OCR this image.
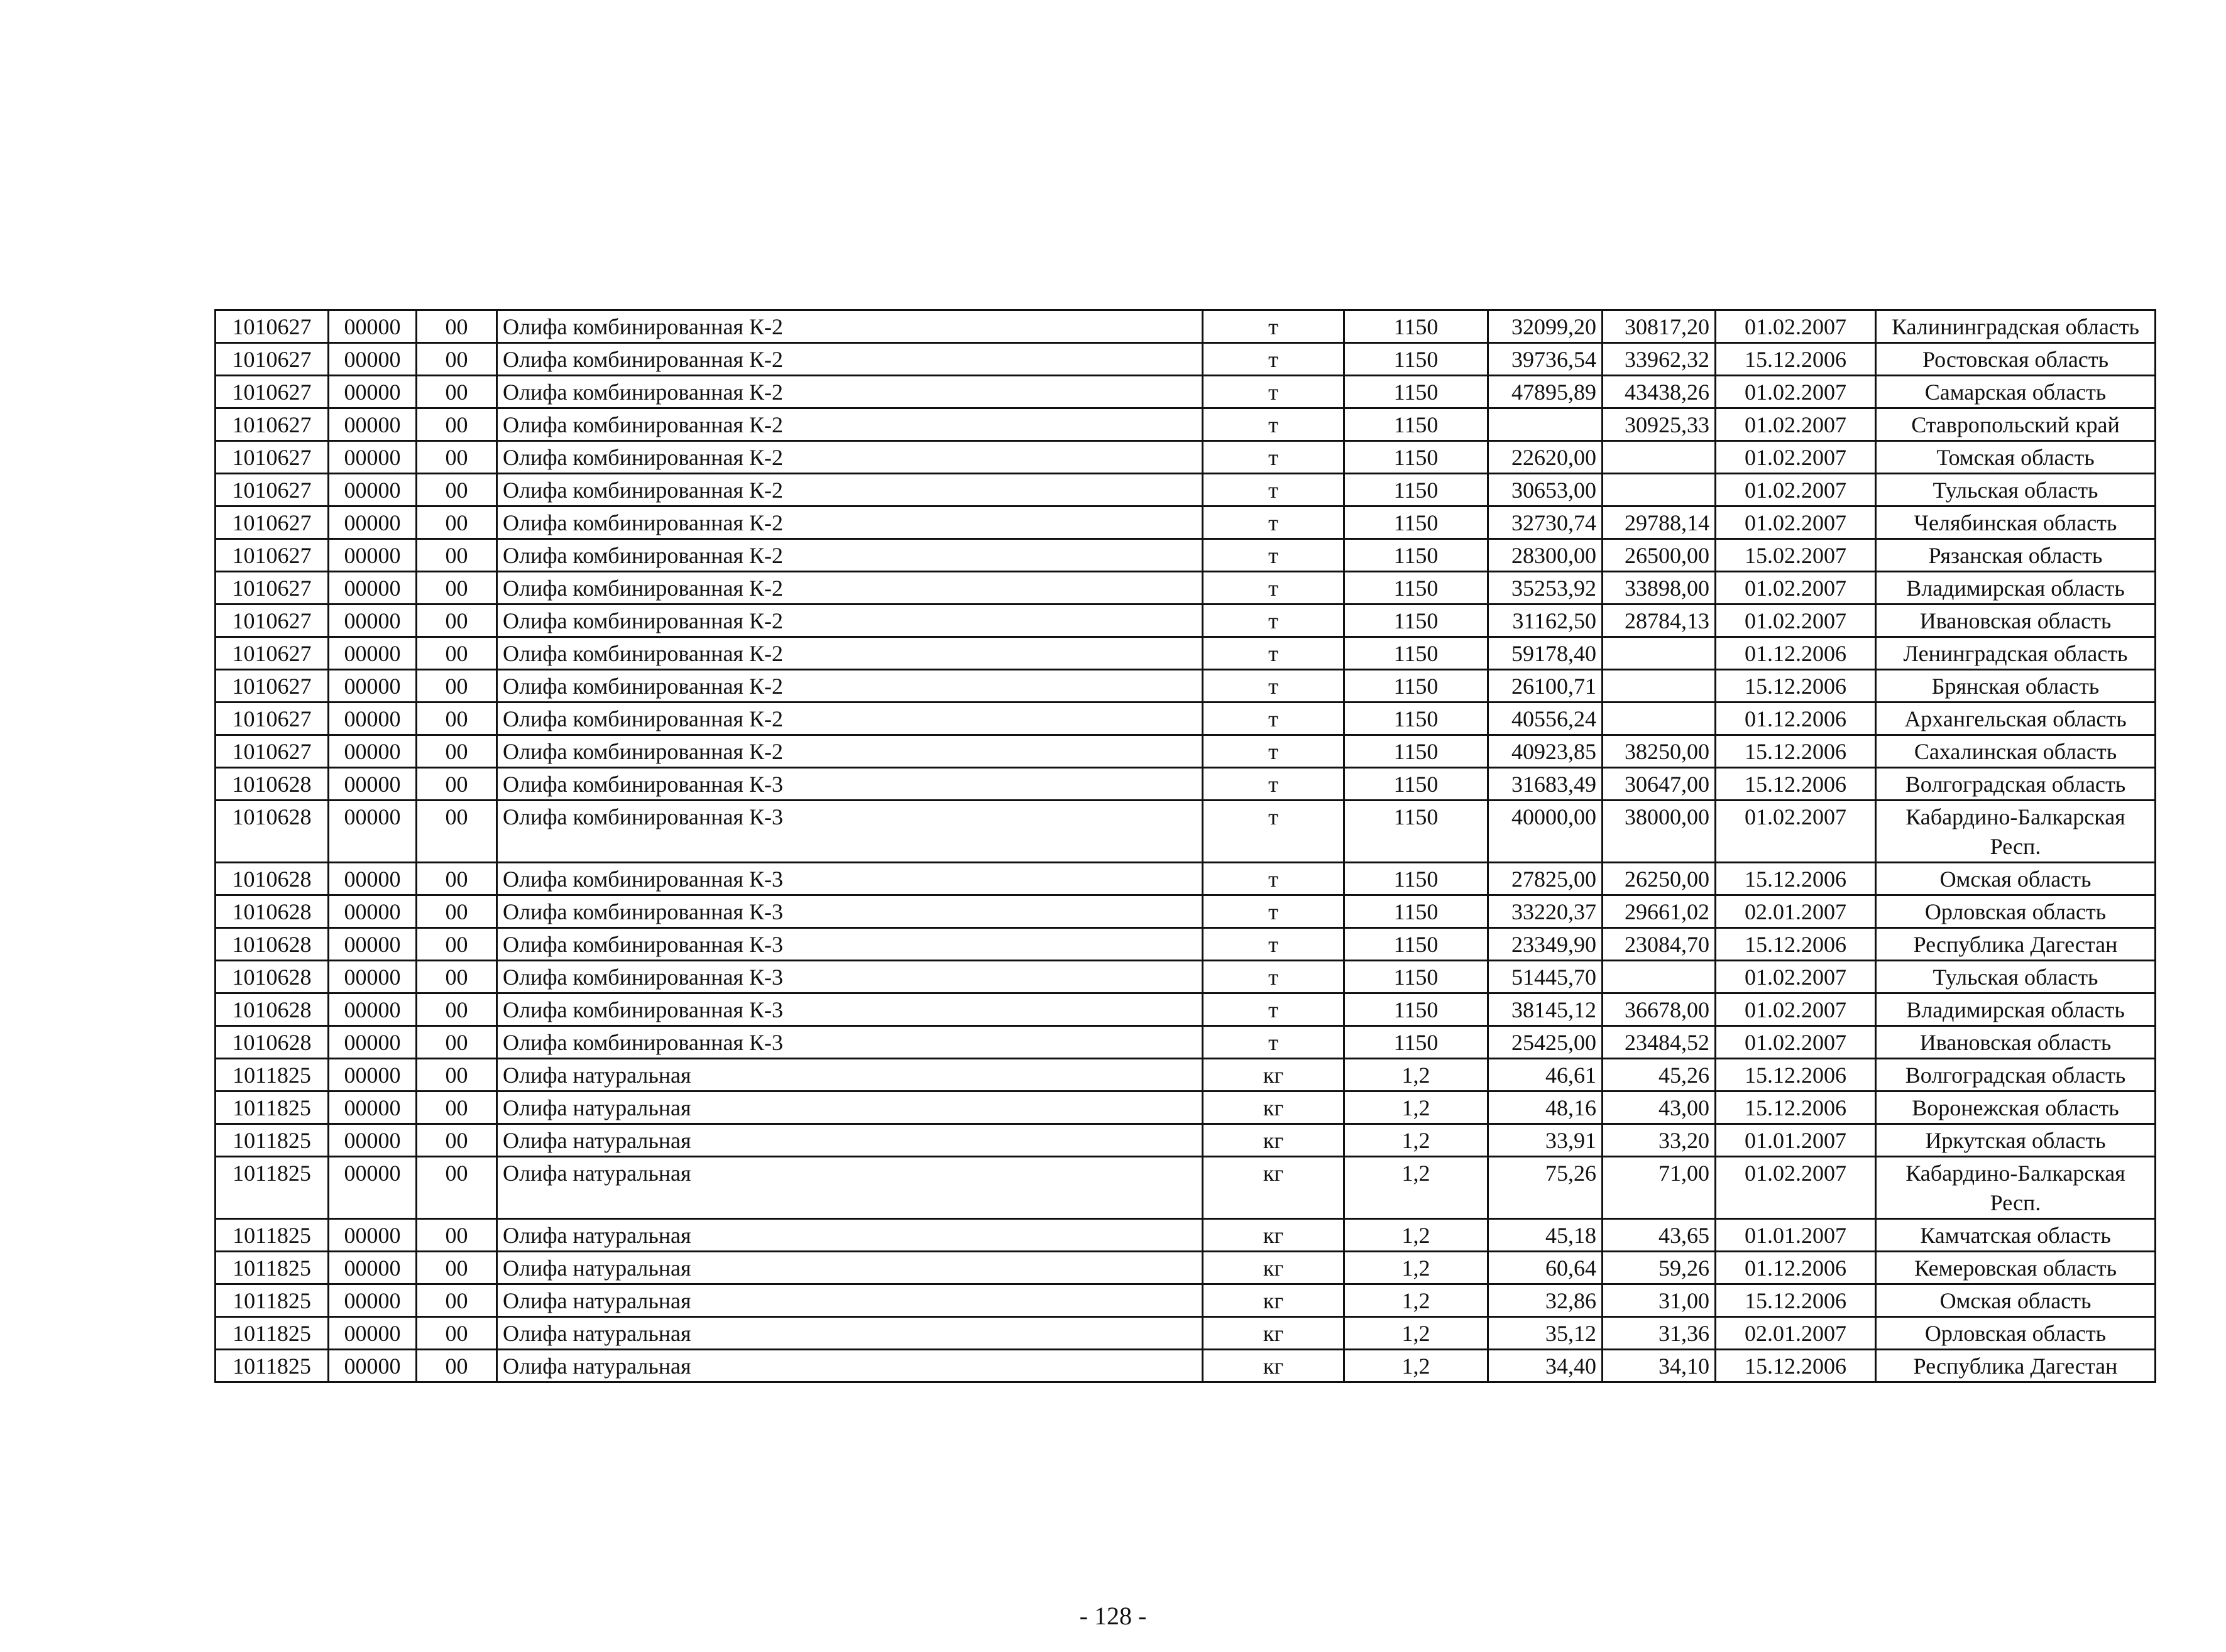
1010627	00000	00	Олифа комбинированная К-2	т	1150	32099,20	30817,20	01.02.2007	Калининградская область
1010627	00000	00	Олифа комбинированная К-2	т	1150	39736,54	33962,32	15.12.2006	Ростовская область
1010627	00000	00	Олифа комбинированная К-2	т	1150	47895,89	43438,26	01.02.2007	Самарская область
1010627	00000	00	Олифа комбинированная К-2	т	1150		30925,33	01.02.2007	Ставропольский край
1010627	00000	00	Олифа комбинированная К-2	т	1150	22620,00		01.02.2007	Томская область
1010627	00000	00	Олифа комбинированная К-2	т	1150	30653,00		01.02.2007	Тульская область
1010627	00000	00	Олифа комбинированная К-2	т	1150	32730,74	29788,14	01.02.2007	Челябинская область
1010627	00000	00	Олифа комбинированная К-2	т	1150	28300,00	26500,00	15.02.2007	Рязанская область
1010627	00000	00	Олифа комбинированная К-2	т	1150	35253,92	33898,00	01.02.2007	Владимирская область
1010627	00000	00	Олифа комбинированная К-2	т	1150	31162,50	28784,13	01.02.2007	Ивановская область
1010627	00000	00	Олифа комбинированная К-2	т	1150	59178,40		01.12.2006	Ленинградская область
1010627	00000	00	Олифа комбинированная К-2	т	1150	26100,71		15.12.2006	Брянская область
1010627	00000	00	Олифа комбинированная К-2	т	1150	40556,24		01.12.2006	Архангельская область
1010627	00000	00	Олифа комбинированная К-2	т	1150	40923,85	38250,00	15.12.2006	Сахалинская область
1010628	00000	00	Олифа комбинированная К-3	т	1150	31683,49	30647,00	15.12.2006	Волгоградская область
1010628	00000	00	Олифа комбинированная К-3	т	1150	40000,00	38000,00	01.02.2007	Кабардино-Балкарская Респ.
1010628	00000	00	Олифа комбинированная К-3	т	1150	27825,00	26250,00	15.12.2006	Омская область
1010628	00000	00	Олифа комбинированная К-3	т	1150	33220,37	29661,02	02.01.2007	Орловская область
1010628	00000	00	Олифа комбинированная К-3	т	1150	23349,90	23084,70	15.12.2006	Республика Дагестан
1010628	00000	00	Олифа комбинированная К-3	т	1150	51445,70		01.02.2007	Тульская область
1010628	00000	00	Олифа комбинированная К-3	т	1150	38145,12	36678,00	01.02.2007	Владимирская область
1010628	00000	00	Олифа комбинированная К-3	т	1150	25425,00	23484,52	01.02.2007	Ивановская область
1011825	00000	00	Олифа натуральная	кг	1,2	46,61	45,26	15.12.2006	Волгоградская область
1011825	00000	00	Олифа натуральная	кг	1,2	48,16	43,00	15.12.2006	Воронежская область
1011825	00000	00	Олифа натуральная	кг	1,2	33,91	33,20	01.01.2007	Иркутская область
1011825	00000	00	Олифа натуральная	кг	1,2	75,26	71,00	01.02.2007	Кабардино-Балкарская Респ.
1011825	00000	00	Олифа натуральная	кг	1,2	45,18	43,65	01.01.2007	Камчатская область
1011825	00000	00	Олифа натуральная	кг	1,2	60,64	59,26	01.12.2006	Кемеровская область
1011825	00000	00	Олифа натуральная	кг	1,2	32,86	31,00	15.12.2006	Омская область
1011825	00000	00	Олифа натуральная	кг	1,2	35,12	31,36	02.01.2007	Орловская область
1011825	00000	00	Олифа натуральная	кг	1,2	34,40	34,10	15.12.2006	Республика Дагестан
- 128 -
